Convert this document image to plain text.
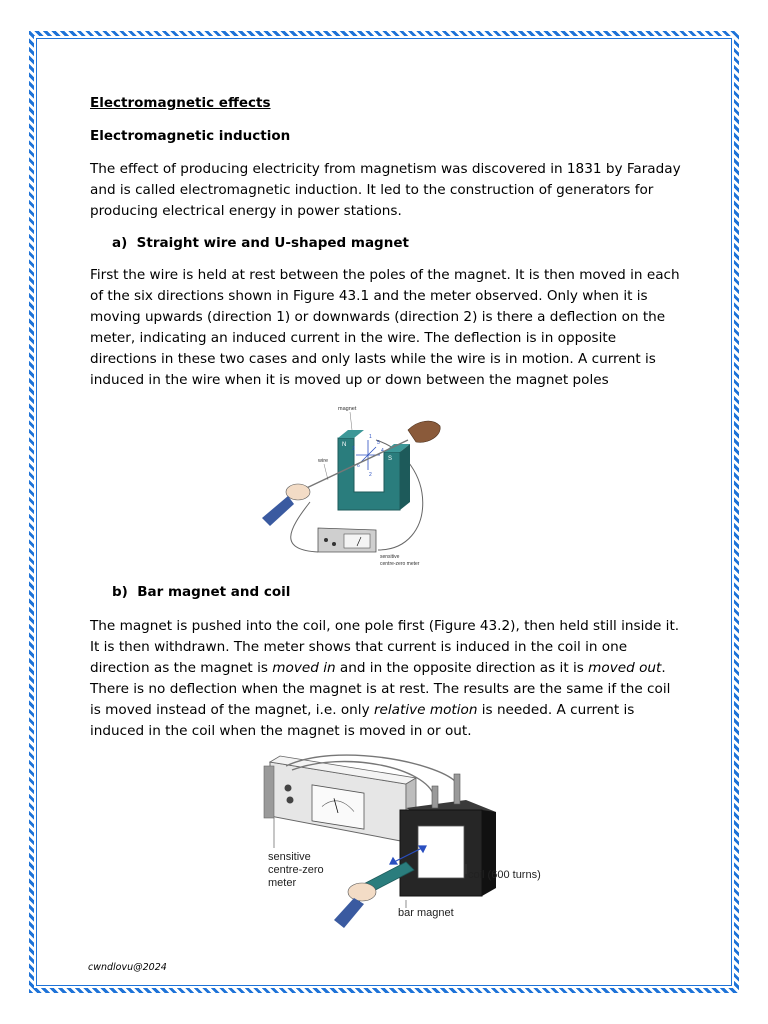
Electromagnetic effects
Electromagnetic induction
The effect of producing electricity from magnetism was discovered in 1831 by Faraday and is called electromagnetic induction. It led to the construction of generators for producing electrical energy in power stations.
a)  Straight wire and U-shaped magnet
First the wire is held at rest between the poles of the magnet. It is then moved in each of the six directions shown in Figure 43.1 and the meter observed. Only when it is moving upwards (direction 1) or downwards (direction 2) is there a deflection on the meter, indicating an induced current in the wire. The deflection is in opposite directions in these two cases and only lasts while the wire is in motion. A current is induced in the wire when it is moved up or down between the magnet poles
N
S
1
2
3	4
5
6
magnet
wire
sensitive
centre-zero meter
b)  Bar magnet and coil
The magnet is pushed into the coil, one pole first (Figure 43.2), then held still inside it. It is then withdrawn. The meter shows that current is induced in the coil in one direction as the magnet is moved in and in the opposite direction as it is moved out. There is no deflection when the magnet is at rest. The results are the same if the coil is moved instead of the magnet, i.e. only relative motion is needed. A current is induced in the coil when the magnet is moved in or out.
sensitive
centre-zero
meter
coil (600 turns)
bar magnet
cwndlovu@2024
